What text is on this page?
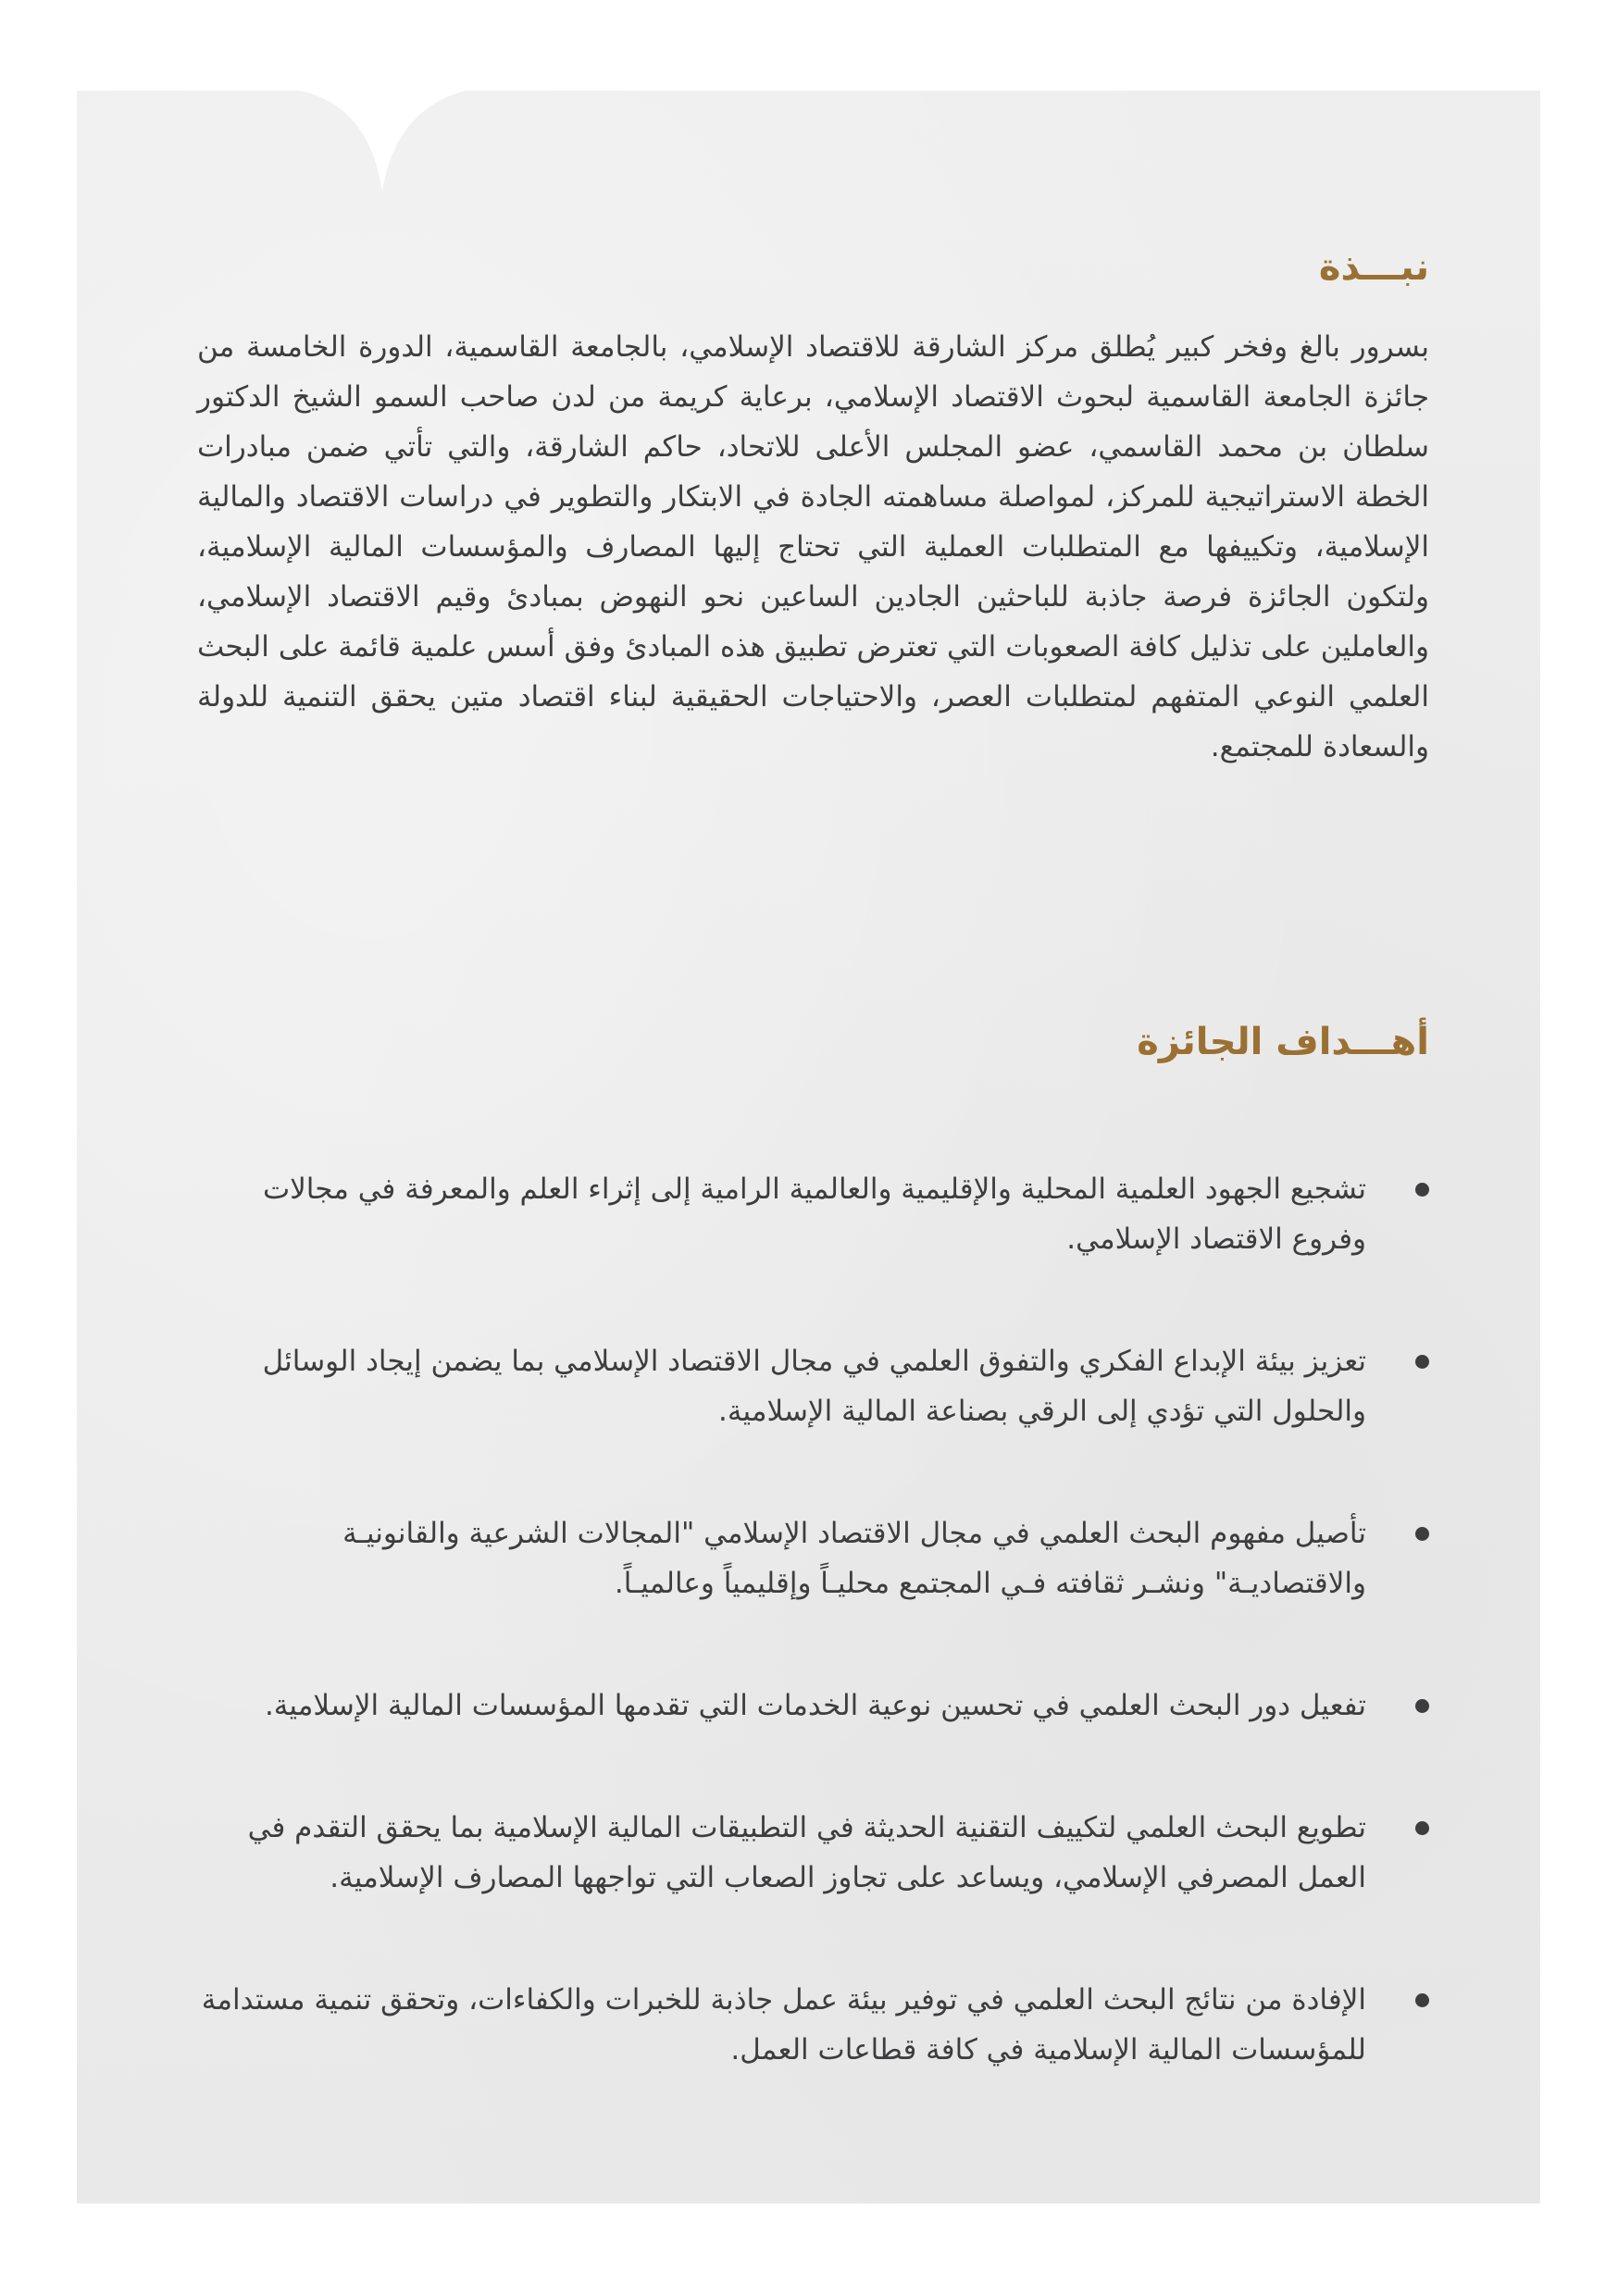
نبـــذة

بسرور بالغ وفخر كبير يُطلق مركز الشارقة للاقتصاد الإسلامي، بالجامعة القاسمية، الدورة الخامسة من جائزة الجامعة القاسمية لبحوث الاقتصاد الإسلامي، برعاية كريمة من لدن صاحب السمو الشيخ الدكتور سلطان بن محمد القاسمي، عضو المجلس الأعلى للاتحاد، حاكم الشارقة، والتي تأتي ضمن مبادرات الخطة الاستراتيجية للمركز، لمواصلة مساهمته الجادة في الابتكار والتطوير في دراسات الاقتصاد والمالية الإسلامية، وتكييفها مع المتطلبات العملية التي تحتاج إليها المصارف والمؤسسات المالية الإسلامية، ولتكون الجائزة فرصة جاذبة للباحثين الجادين الساعين نحو النهوض بمبادئ وقيم الاقتصاد الإسلامي، والعاملين على تذليل كافة الصعوبات التي تعترض تطبيق هذه المبادئ وفق أسس علمية قائمة على البحث العلمي النوعي المتفهم لمتطلبات العصر، والاحتياجات الحقيقية لبناء اقتصاد متين يحقق التنمية للدولة والسعادة للمجتمع.

أهـــداف الجائزة
تشجيع الجهود العلمية المحلية والإقليمية والعالمية الرامية إلى إثراء العلم والمعرفة في مجالات وفروع الاقتصاد الإسلامي.
تعزيز بيئة الإبداع الفكري والتفوق العلمي في مجال الاقتصاد الإسلامي بما يضمن إيجاد الوسائل والحلول التي تؤدي إلى الرقي بصناعة المالية الإسلامية.
تأصيل مفهوم البحث العلمي في مجال الاقتصاد الإسلامي "المجالات الشرعية والقانونيـة والاقتصاديـة" ونشـر ثقافته فـي المجتمع محليـاً وإقليمياً وعالميـاً.
تفعيل دور البحث العلمي في تحسين نوعية الخدمات التي تقدمها المؤسسات المالية الإسلامية.
تطويع البحث العلمي لتكييف التقنية الحديثة في التطبيقات المالية الإسلامية بما يحقق التقدم في العمل المصرفي الإسلامي، ويساعد على تجاوز الصعاب التي تواجهها المصارف الإسلامية.
الإفادة من نتائج البحث العلمي في توفير بيئة عمل جاذبة للخبرات والكفاءات، وتحقق تنمية مستدامة للمؤسسات المالية الإسلامية في كافة قطاعات العمل.
